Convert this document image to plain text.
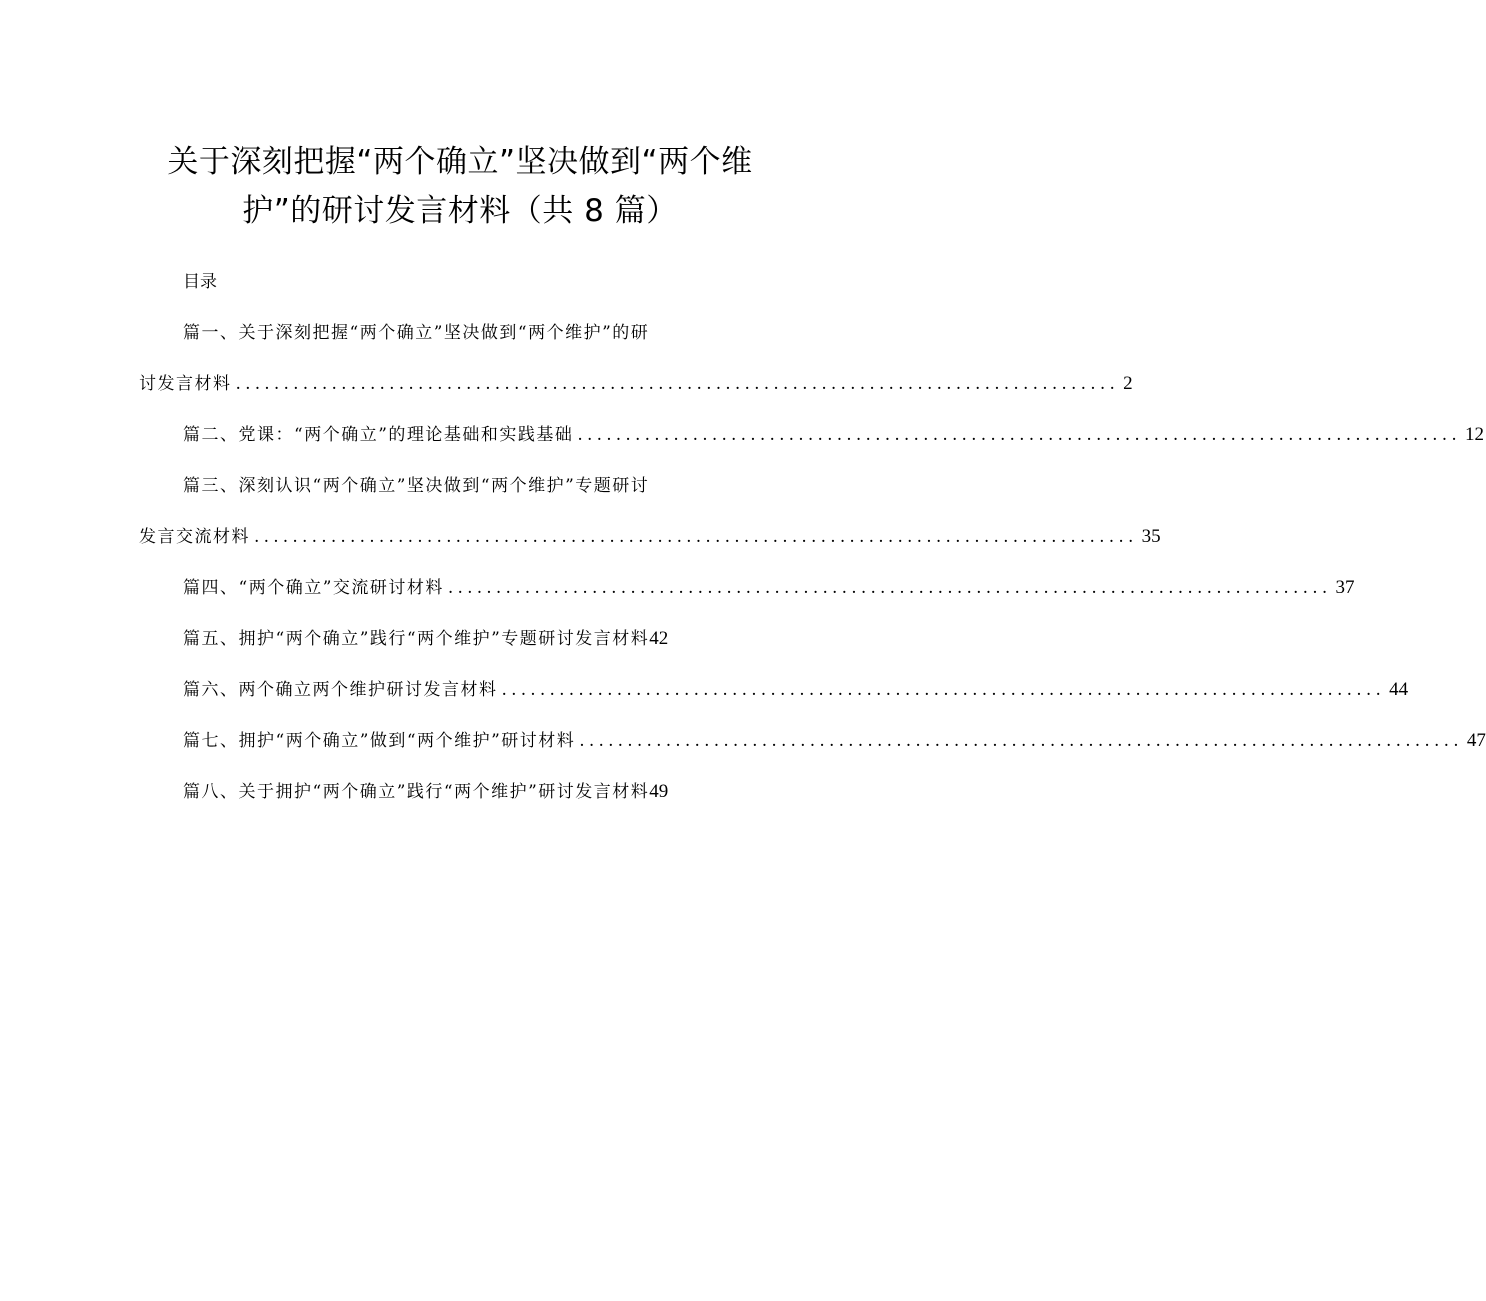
关于深刻把握“两个确立”坚决做到“两个维
护”的研讨发言材料（共 8 篇）
目录
篇一、关于深刻把握“两个确立”坚决做到“两个维护”的研
讨发言材料 ............................................................................................ 2
篇二、党课：“两个确立”的理论基础和实践基础 ............................................................................................ 12
篇三、深刻认识“两个确立”坚决做到“两个维护”专题研讨
发言交流材料 ............................................................................................ 35
篇四、“两个确立”交流研讨材料 ............................................................................................ 37
篇五、拥护“两个确立”践行“两个维护”专题研讨发言材料 42
篇六、两个确立两个维护研讨发言材料 ............................................................................................ 44
篇七、拥护“两个确立”做到“两个维护”研讨材料 ............................................................................................ 47
篇八、关于拥护“两个确立”践行“两个维护”研讨发言材料 49
